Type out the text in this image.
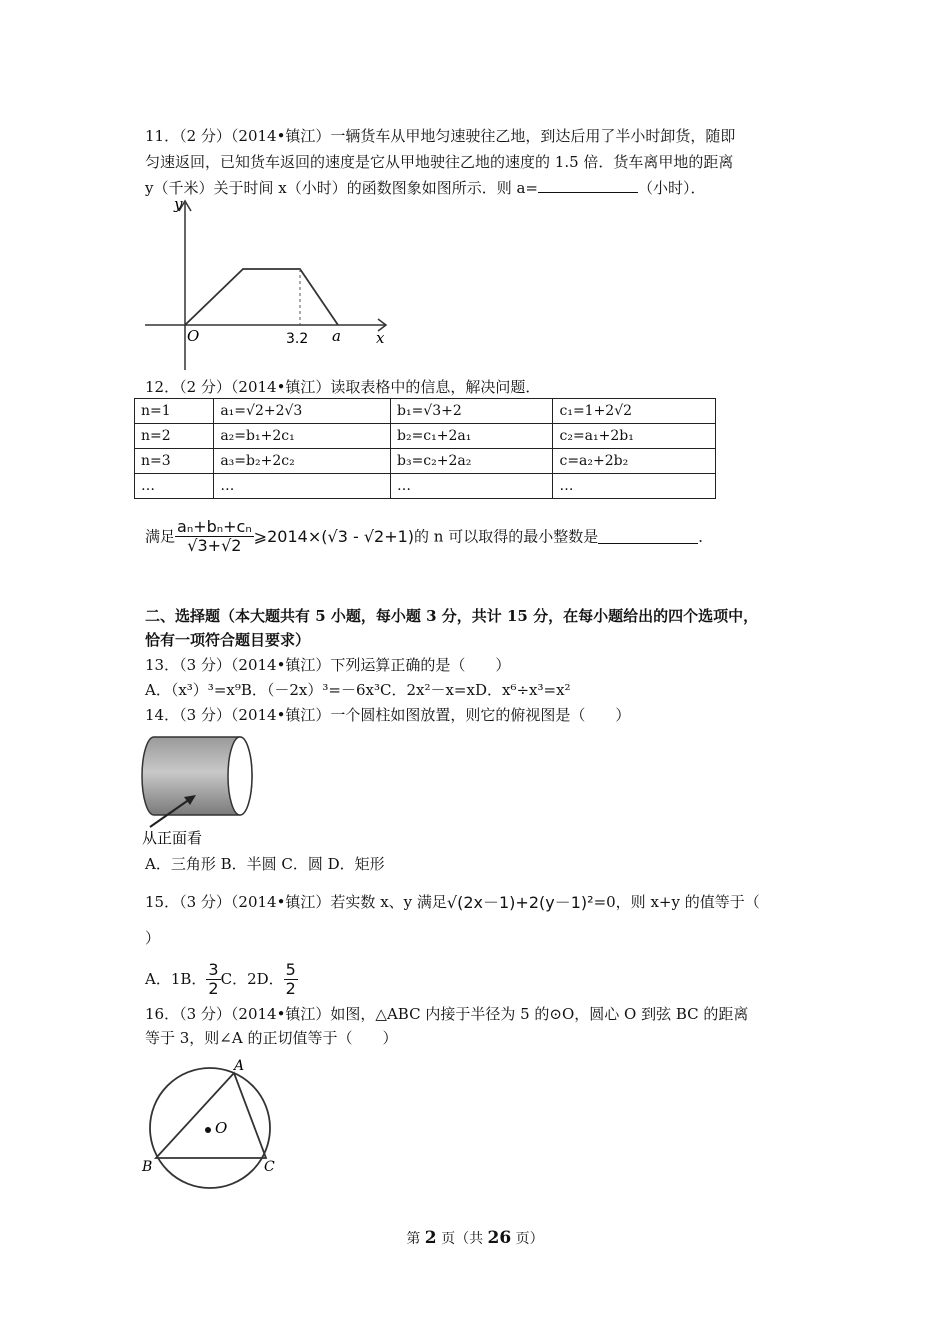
11．（2 分）（2014•镇江）一辆货车从甲地匀速驶往乙地，到达后用了半小时卸货，随即
匀速返回，已知货车返回的速度是它从甲地驶往乙地的速度的 1.5 倍．货车离甲地的距离
y（千米）关于时间 x（小时）的函数图象如图所示．则 a=	（小时）．
y
x
O	3.2 a
12．（2 分）（2014•镇江）读取表格中的信息，解决问题．
n=1	a₁=√2+2√3	b₁=√3+2	c₁=1+2√2
n=2	a₂=b₁+2c₁	b₂=c₁+2a₁	c₂=a₁+2b₁
n=3	a₃=b₂+2c₂	b₃=c₂+2a₂	c=a₂+2b₂
…	…	…	…
满足 $\frac{\text{aₙ+bₙ+cₙ}}{√3+√2}$ ⩾2014×(√3 - √2+1)的 n 可以取得的最小整数是	．
二、选择题（本大题共有 5 小题，每小题 3 分，共计 15 分，在每小题给出的四个选项中，
恰有一项符合题目要求）
13．（3 分）（2014•镇江）下列运算正确的是（　　）
A．（x³）³=x⁹B．（－2x）³=－6x³C．2x²－x=xD．x⁶÷x³=x²
14．（3 分）（2014•镇江）一个圆柱如图放置，则它的俯视图是（　　）
从正面看
A．三角形 B．半圆 C．圆 D．矩形
15．（3 分）（2014•镇江）若实数 x、y 满足√(2x－1)+2(y－1)²=0，则 x+y 的值等于（
）
A．1B． $\frac{3}{2}$ C．2D． $\frac{5}{2}$
16．（3 分）（2014•镇江）如图，△ABC 内接于半径为 5 的⊙O，圆心 O 到弦 BC 的距离
等于 3，则∠A 的正切值等于（　　）
O
A
B	C
第 2 页（共 26 页）
